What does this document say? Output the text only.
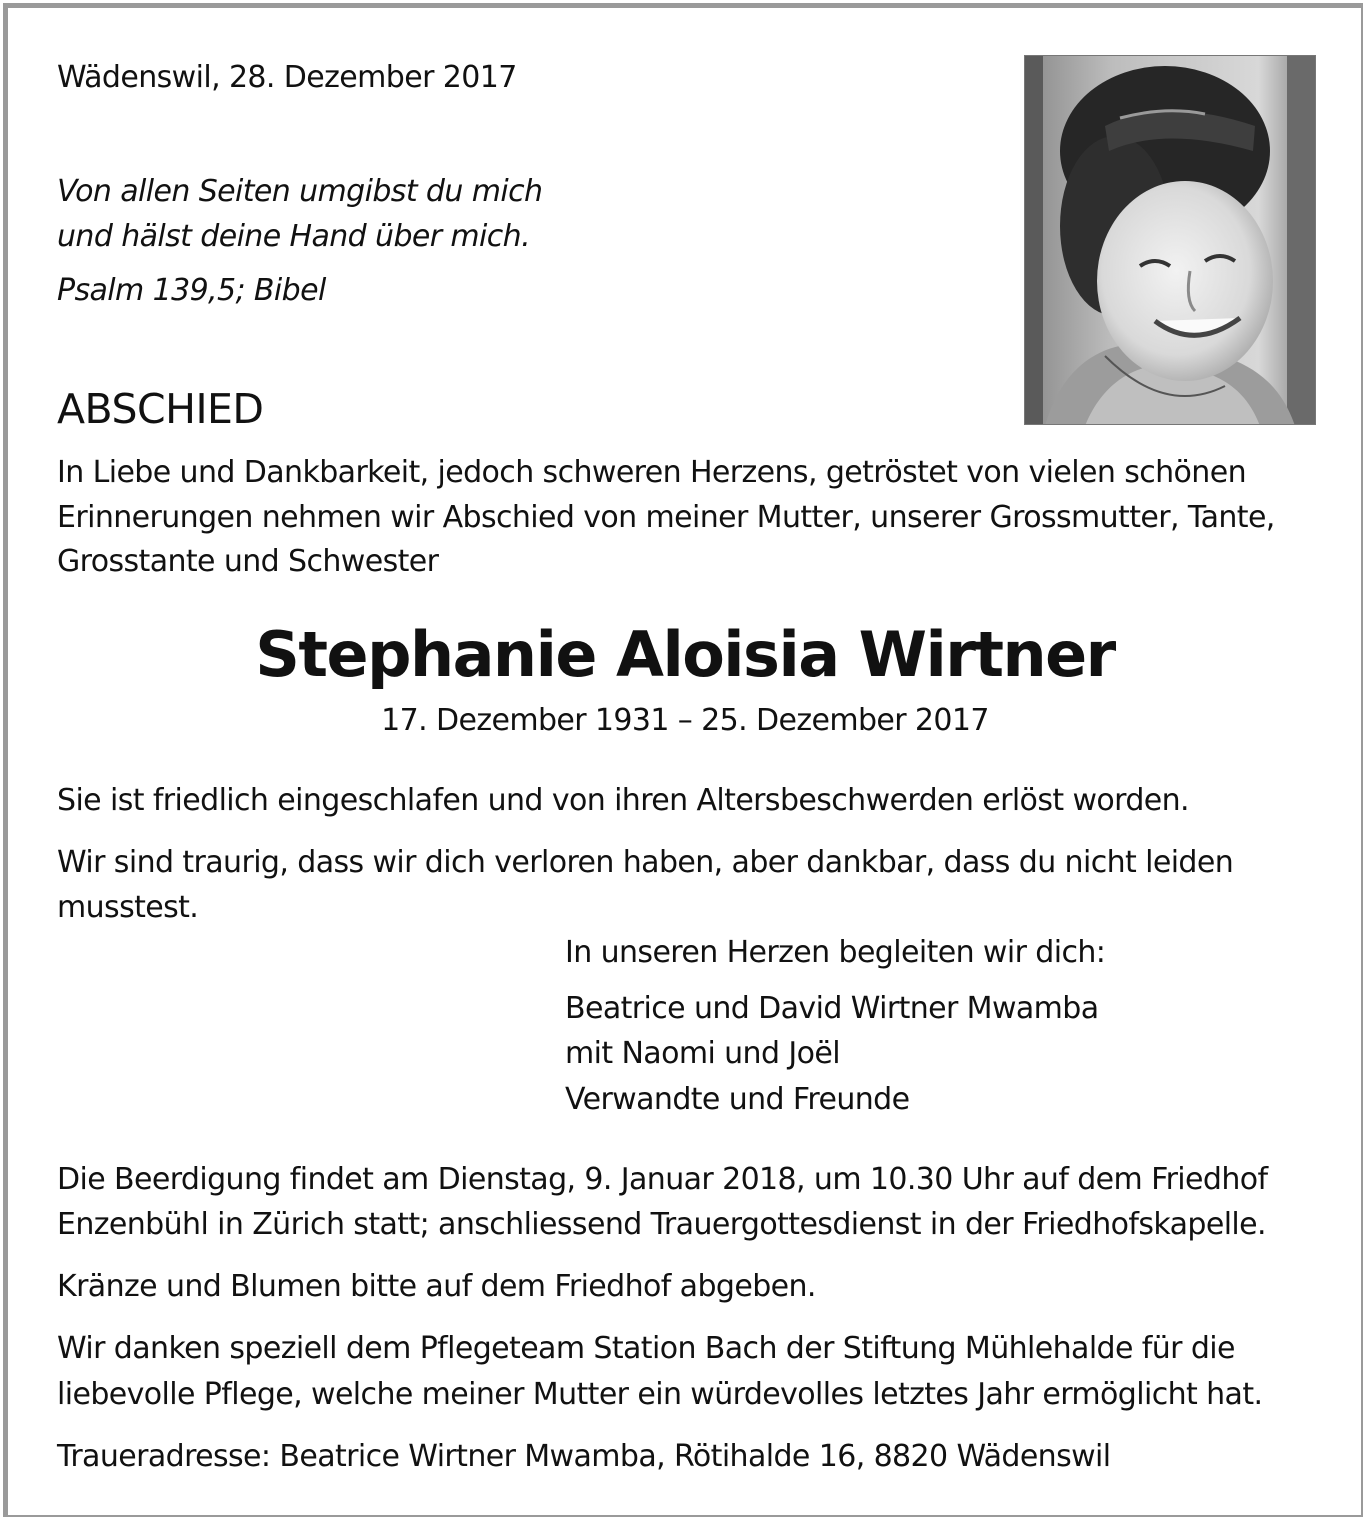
Wädenswil, 28. Dezember 2017
Von allen Seiten umgibst du mich
und hälst deine Hand über mich.
Psalm 139,5; Bibel
ABSCHIED
In Liebe und Dankbarkeit, jedoch schweren Herzens, getröstet von vielen schönen
Erinnerungen nehmen wir Abschied von meiner Mutter, unserer Grossmutter, Tante,
Grosstante und Schwester
Stephanie Aloisia Wirtner
17. Dezember 1931 – 25. Dezember 2017
Sie ist friedlich eingeschlafen und von ihren Altersbeschwerden erlöst worden.
Wir sind traurig, dass wir dich verloren haben, aber dankbar, dass du nicht leiden
musstest.
In unseren Herzen begleiten wir dich:
Beatrice und David Wirtner Mwamba
mit Naomi und Joël
Verwandte und Freunde
Die Beerdigung findet am Dienstag, 9. Januar 2018, um 10.30 Uhr auf dem Friedhof
Enzenbühl in Zürich statt; anschliessend Trauergottesdienst in der Friedhofskapelle.
Kränze und Blumen bitte auf dem Friedhof abgeben.
Wir danken speziell dem Pflegeteam Station Bach der Stiftung Mühlehalde für die
liebevolle Pflege, welche meiner Mutter ein würdevolles letztes Jahr ermöglicht hat.
Traueradresse: Beatrice Wirtner Mwamba, Rötihalde 16, 8820 Wädenswil
